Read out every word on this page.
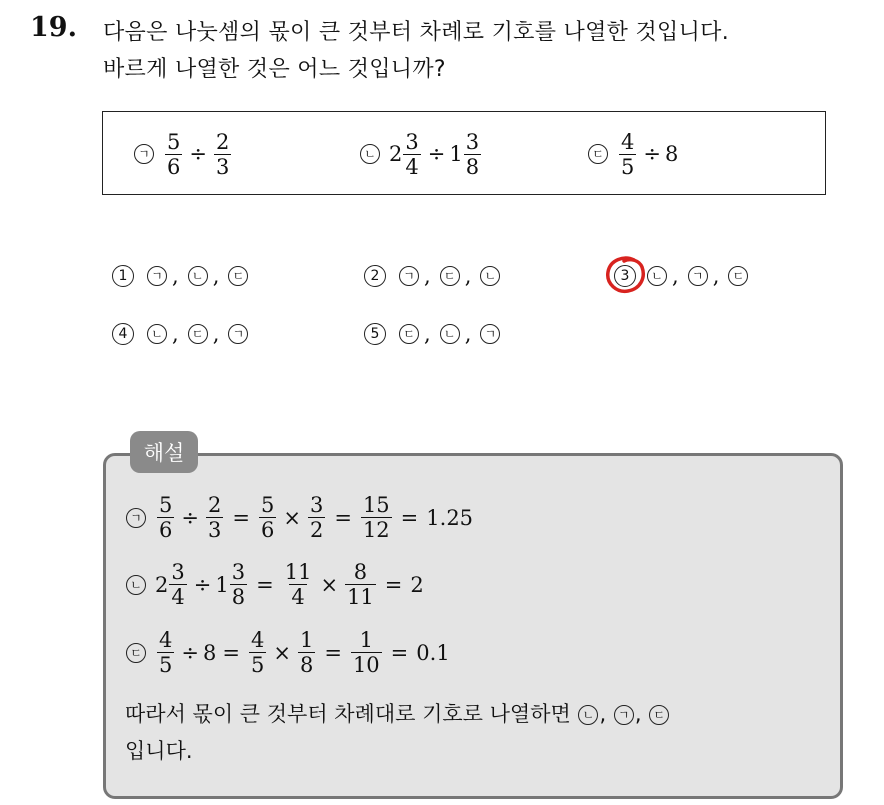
19. 다음은 나눗셈의 몫이 큰 것부터 차례로 기호를 나열한 것입니다.
바르게 나열한 것은 어느 것입니까?
ㄱ $\frac{5}{6} \div \frac{2}{3}$	ㄴ $2 \frac{3}{4} \div 1 \frac{3}{8}$	ㄷ $\frac{4}{5} \div 8$
1	ㄱ ,	ㄴ ,	ㄷ	2	ㄱ ,	ㄷ ,	ㄴ	3	ㄴ ,	ㄱ ,	ㄷ
4	ㄴ ,	ㄷ ,	ㄱ	5	ㄷ ,	ㄴ ,	ㄱ
해설
ㄱ $\frac{5}{6} \div \frac{2}{3} = \frac{5}{6} \times \frac{3}{2} = \frac{15}{12} = 1.25$
ㄴ $2 \frac{3}{4} \div 1 \frac{3}{8} = \frac{11}{4} \times \frac{8}{11} = 2$
ㄷ $\frac{4}{5} \div 8 = \frac{4}{5} \times \frac{1}{8} = \frac{1}{10} = 0.1$
따라서 몫이 큰 것부터 차례대로 기호로 나열하면 ㄴ , ㄱ , ㄷ
입니다.
